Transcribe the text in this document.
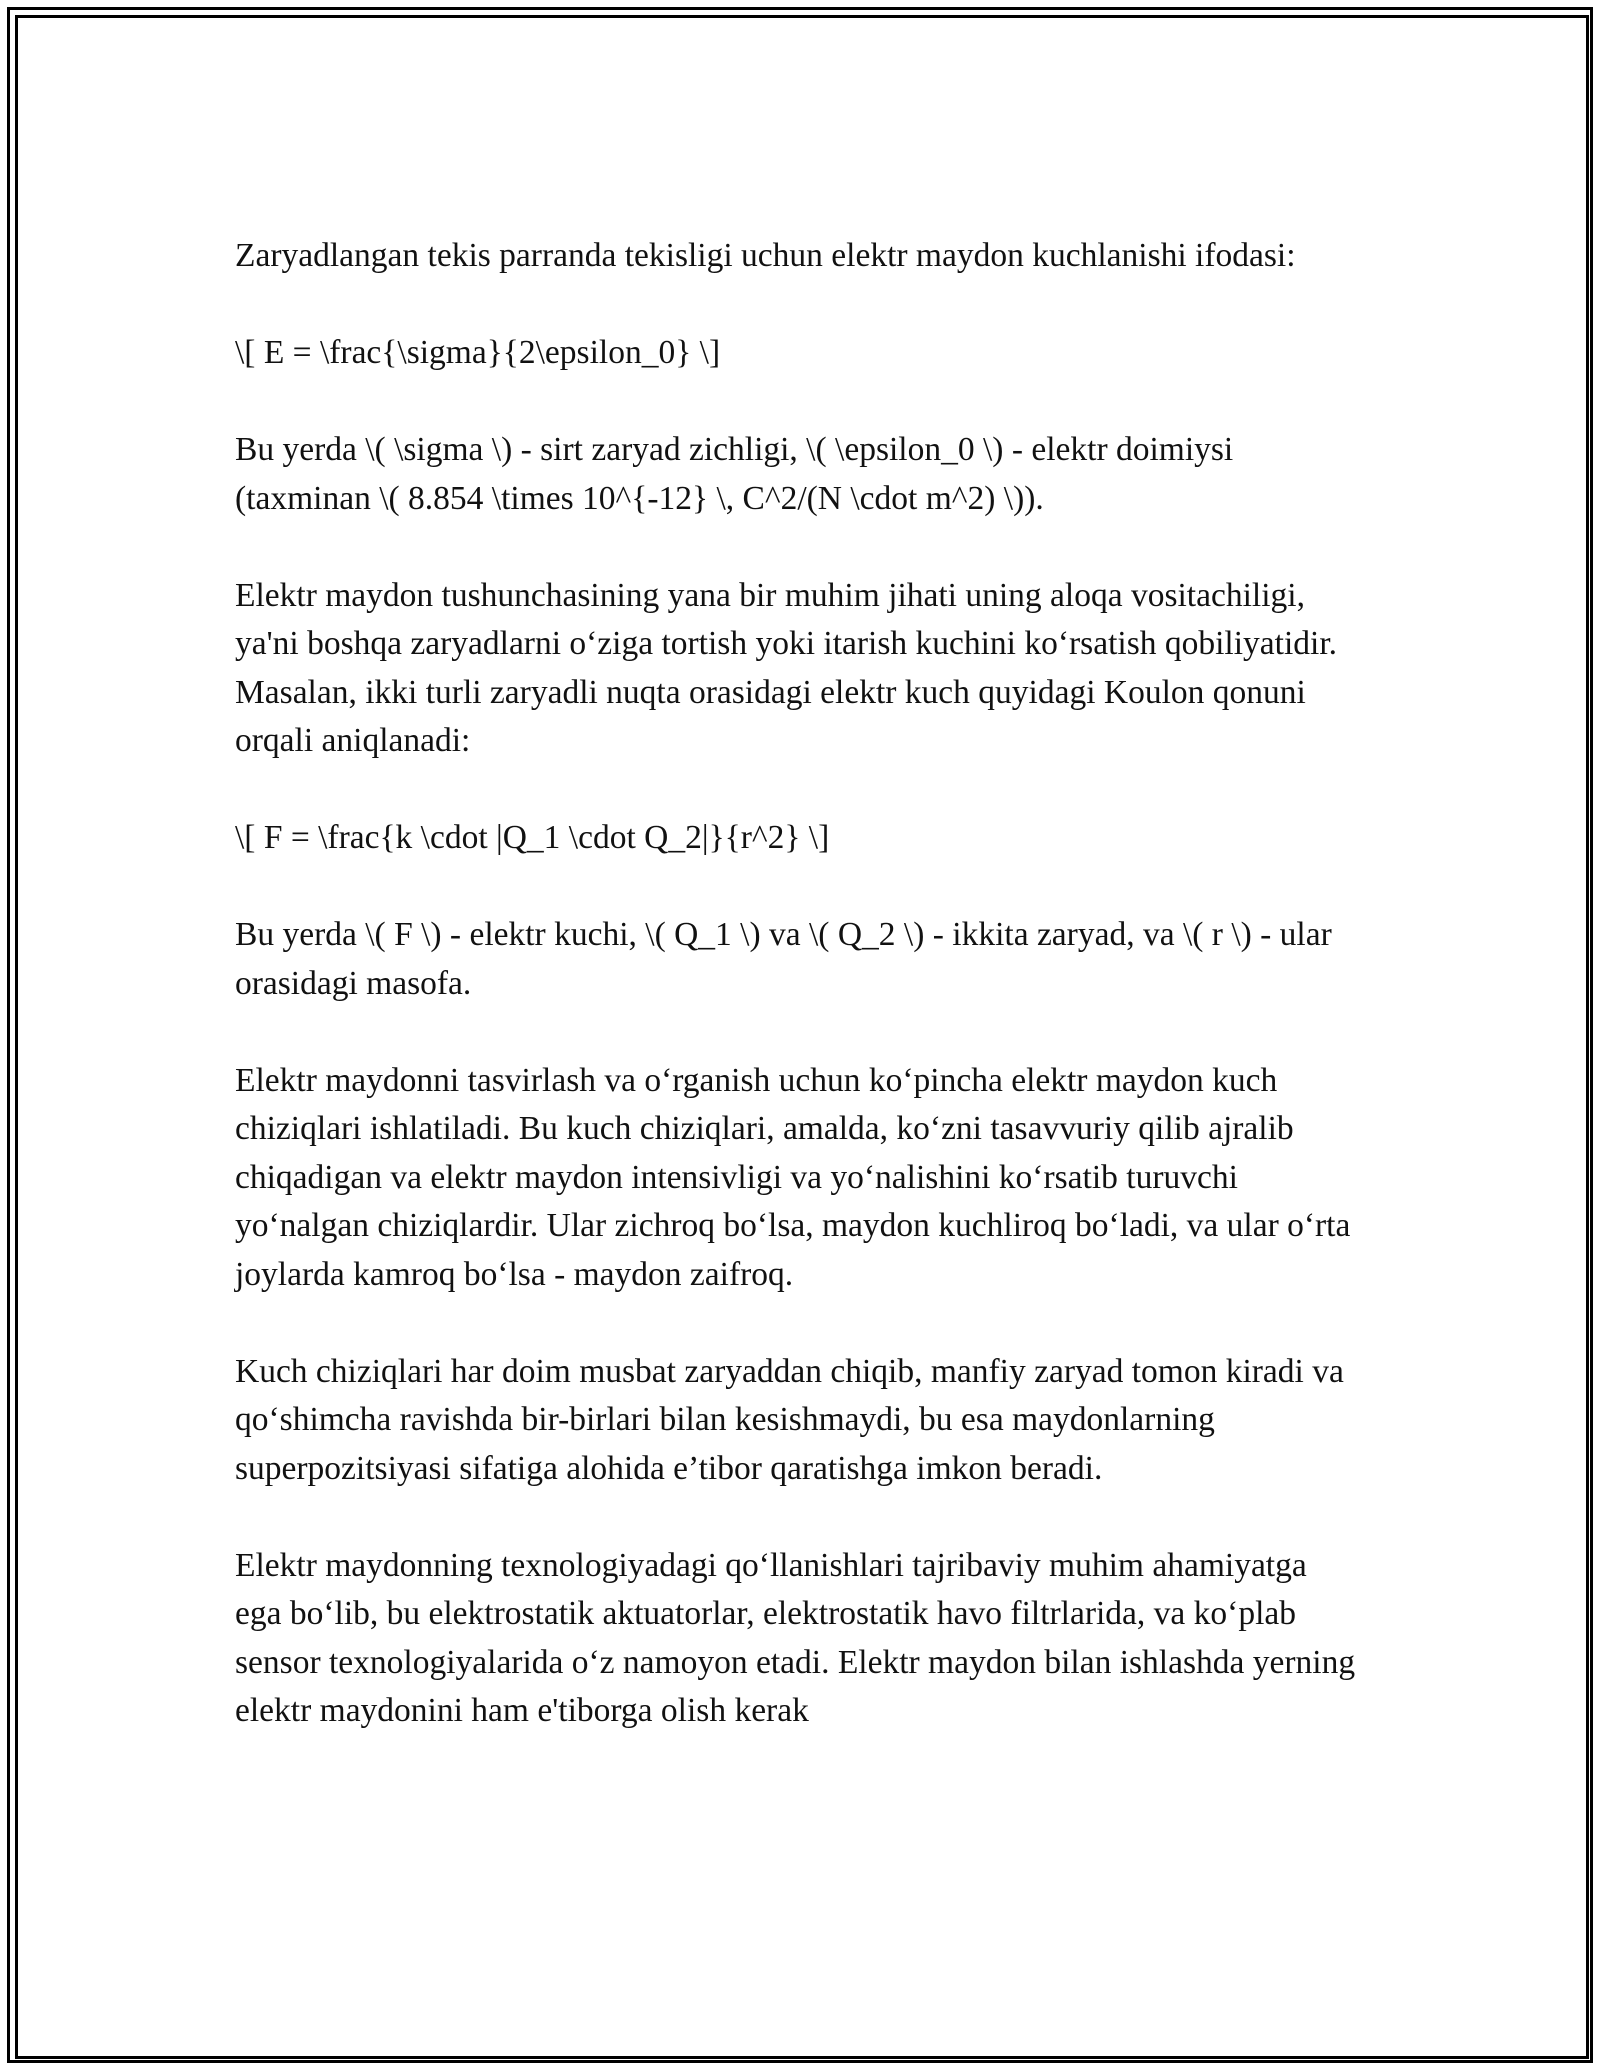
Zaryadlangan tekis parranda tekisligi uchun elektr maydon kuchlanishi ifodasi:

\[ E = \frac{\sigma}{2\epsilon_0} \]

Bu yerda \( \sigma \) - sirt zaryad zichligi, \( \epsilon_0 \) - elektr doimiysi (taxminan \( 8.854 \times 10^{-12} \, C^2/(N \cdot m^2) \)).

Elektr maydon tushunchasining yana bir muhim jihati uning aloqa vositachiligi, ya'ni boshqa zaryadlarni o‘ziga tortish yoki itarish kuchini ko‘rsatish qobiliyatidir. Masalan, ikki turli zaryadli nuqta orasidagi elektr kuch quyidagi Koulon qonuni orqali aniqlanadi:

\[ F = \frac{k \cdot |Q_1 \cdot Q_2|}{r^2} \]

Bu yerda \( F \) - elektr kuchi, \( Q_1 \) va \( Q_2 \) - ikkita zaryad, va \( r \) - ular orasidagi masofa.

Elektr maydonni tasvirlash va o‘rganish uchun ko‘pincha elektr maydon kuch chiziqlari ishlatiladi. Bu kuch chiziqlari, amalda, ko‘zni tasavvuriy qilib ajralib chiqadigan va elektr maydon intensivligi va yo‘nalishini ko‘rsatib turuvchi yo‘nalgan chiziqlardir. Ular zichroq bo‘lsa, maydon kuchliroq bo‘ladi, va ular o‘rta joylarda kamroq bo‘lsa - maydon zaifroq.

Kuch chiziqlari har doim musbat zaryaddan chiqib, manfiy zaryad tomon kiradi va qo‘shimcha ravishda bir-birlari bilan kesishmaydi, bu esa maydonlarning superpozitsiyasi sifatiga alohida e’tibor qaratishga imkon beradi.

Elektr maydonning texnologiyadagi qo‘llanishlari tajribaviy muhim ahamiyatga ega bo‘lib, bu elektrostatik aktuatorlar, elektrostatik havo filtrlarida, va ko‘plab sensor texnologiyalarida o‘z namoyon etadi. Elektr maydon bilan ishlashda yerning elektr maydonini ham e'tiborga olish kerak
